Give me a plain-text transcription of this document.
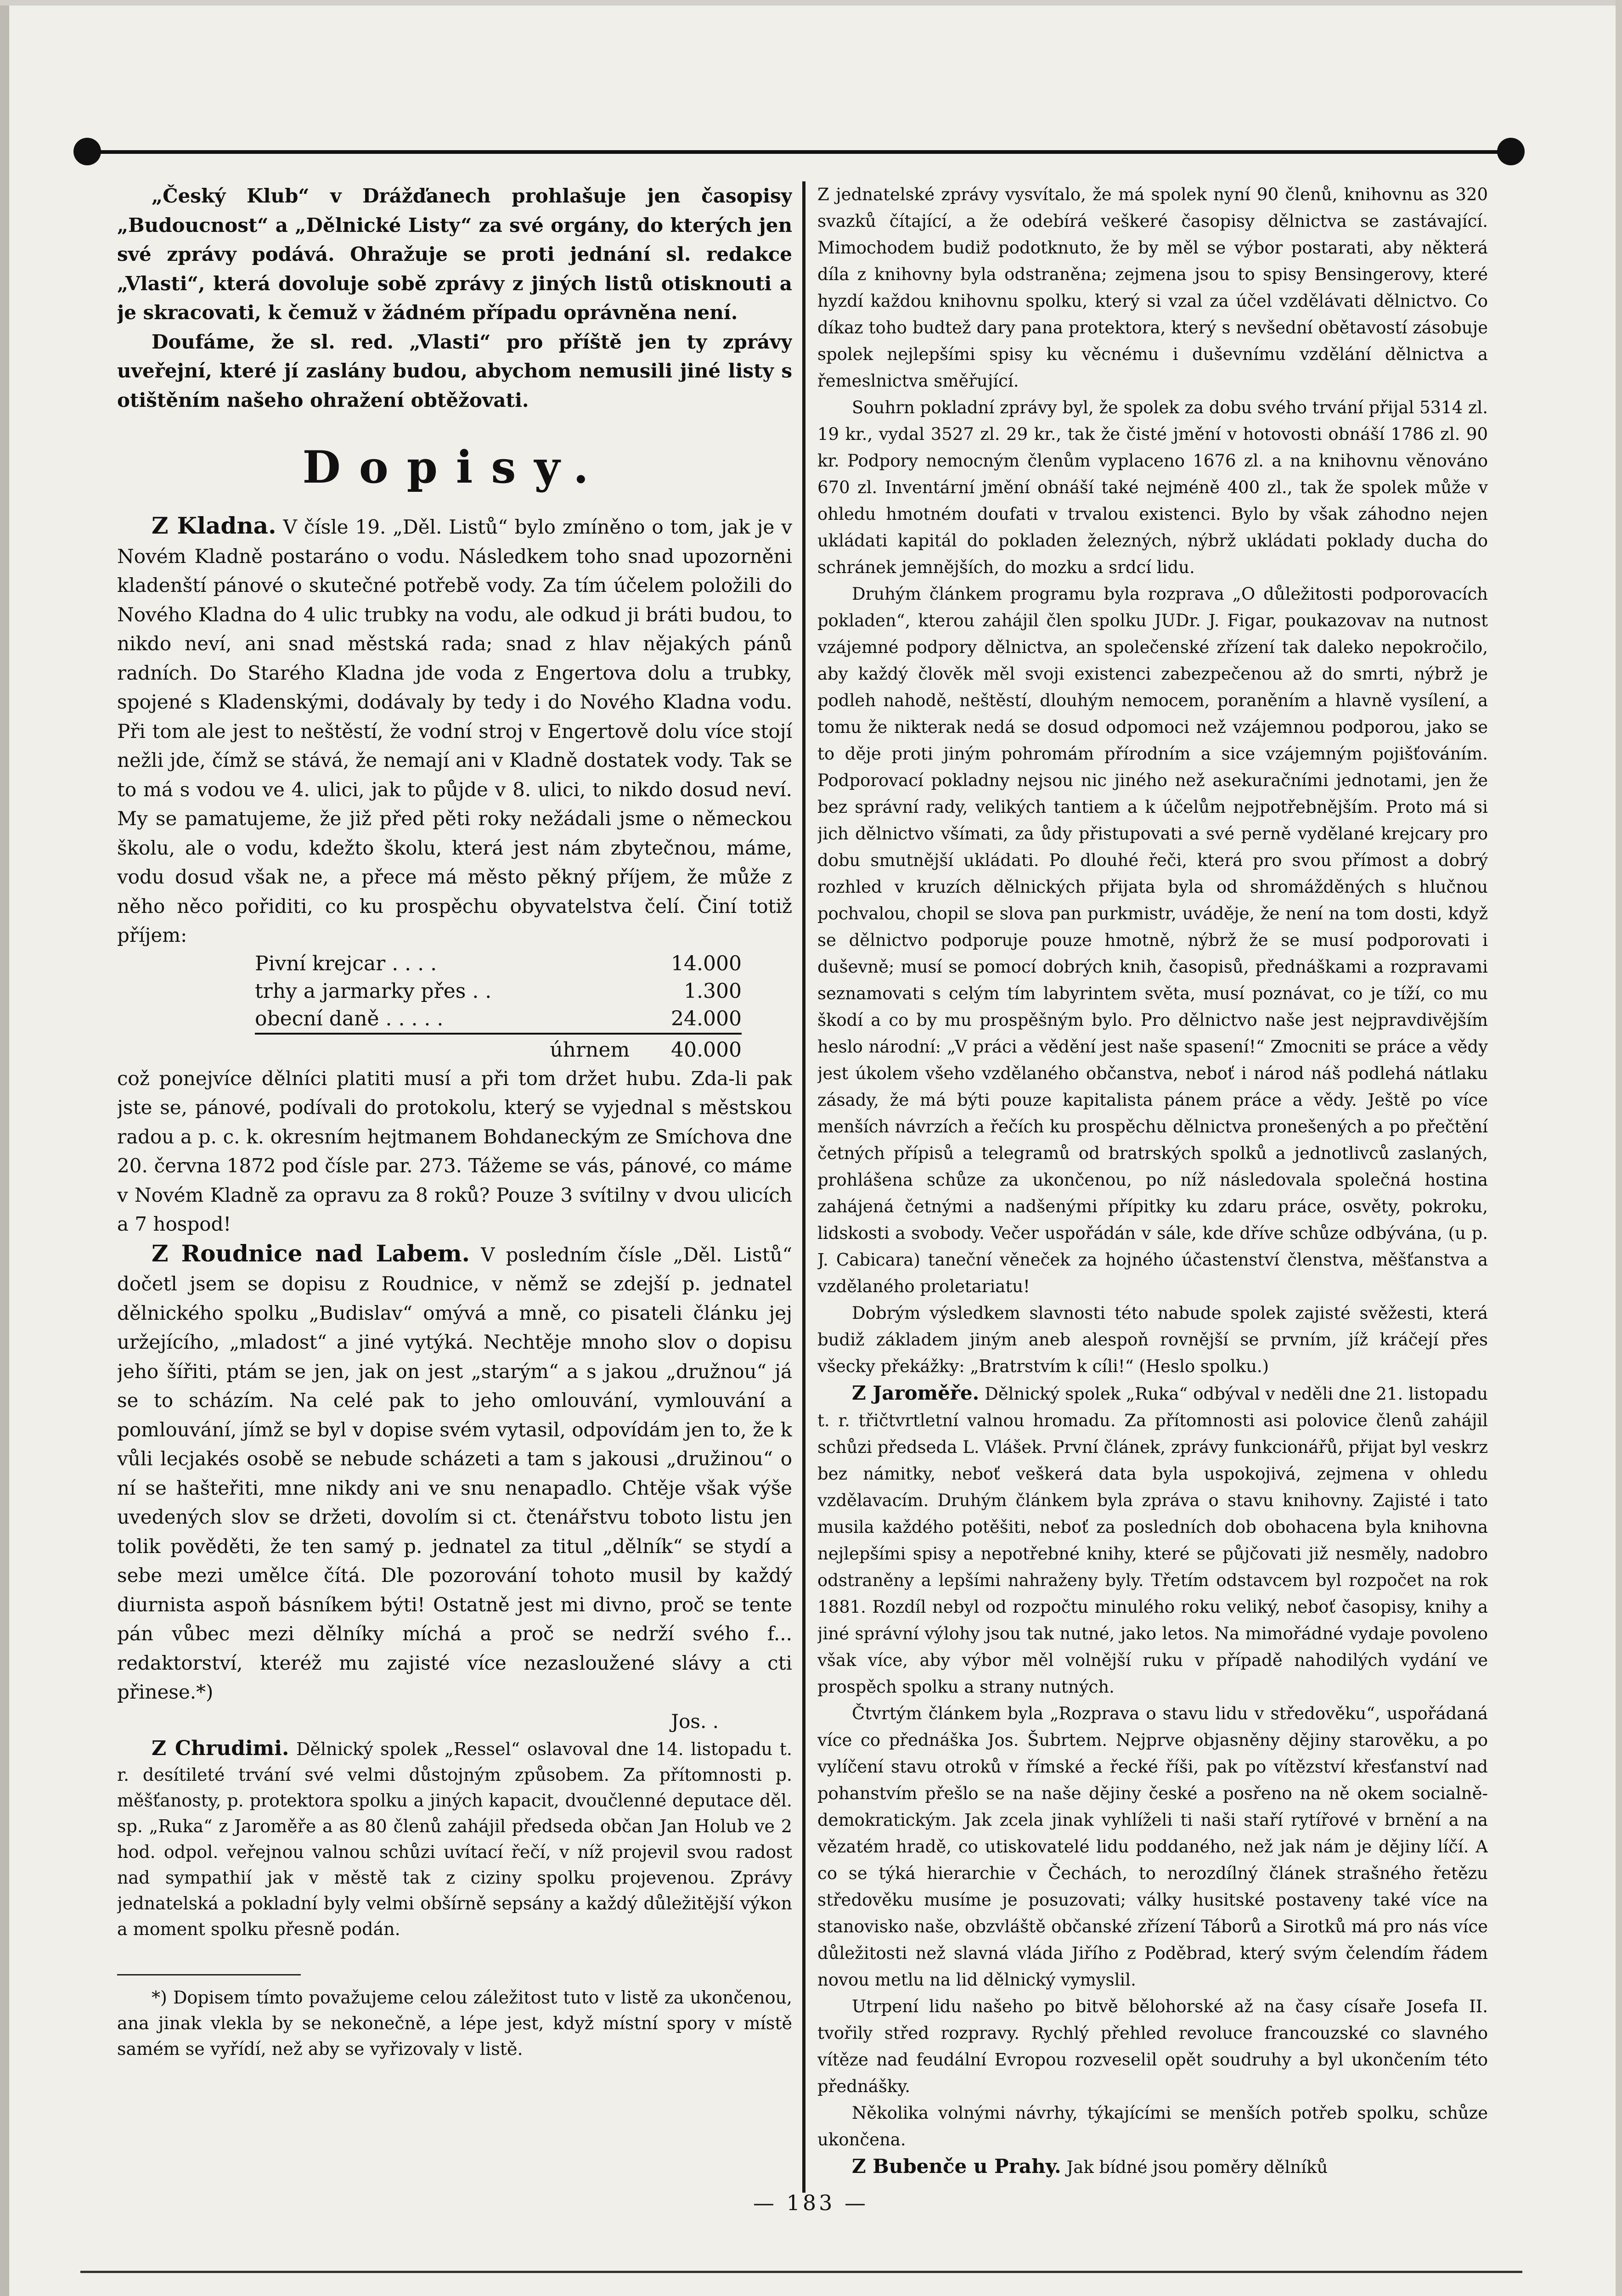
„Český Klub“ v Drážďanech prohlašuje jen časopisy „Budoucnost“ a „Dělnické Listy“ za své orgány, do kterých jen své zprávy podává. Ohražuje se proti jednání sl. redakce „Vlasti“, která dovoluje sobě zprávy z jiných listů otisknouti a je skracovati, k čemuž v žádném případu oprávněna není.

Doufáme, že sl. red. „Vlasti“ pro příště jen ty zprávy uveřejní, které jí zaslány budou, abychom nemusili jiné listy s otištěním našeho ohražení obtěžovati.

Dopisy.

Z Kladna. V čísle 19. „Děl. Listů“ bylo zmíněno o tom, jak je v Novém Kladně postaráno o vodu. Následkem toho snad upozorněni kladenští pánové o skutečné potřebě vody. Za tím účelem položili do Nového Kladna do 4 ulic trubky na vodu, ale odkud ji bráti budou, to nikdo neví, ani snad městská rada; snad z hlav nějakých pánů radních. Do Starého Kladna jde voda z Engertova dolu a trubky, spojené s Kladenskými, dodávaly by tedy i do Nového Kladna vodu. Při tom ale jest to neštěstí, že vodní stroj v Engertově dolu více stojí nežli jde, čímž se stává, že nemají ani v Kladně dostatek vody. Tak se to má s vodou ve 4. ulici, jak to půjde v 8. ulici, to nikdo dosud neví. My se pamatujeme, že již před pěti roky nežádali jsme o německou školu, ale o vodu, kdežto školu, která jest nám zbytečnou, máme, vodu dosud však ne, a přece má město pěkný příjem, že může z něho něco pořiditi, co ku prospěchu obyvatelstva čelí. Činí totiž příjem:

Pivní krejcar . . . .	14.000
trhy a jarmarky přes . .	1.300
obecní daně . . . . .	24.000
úhrnem	40.000

což ponejvíce dělníci platiti musí a při tom držet hubu. Zda-li pak jste se, pánové, podívali do protokolu, který se vyjednal s městskou radou a p. c. k. okresním hejtmanem Bohdaneckým ze Smíchova dne 20. června 1872 pod čísle par. 273. Tážeme se vás, pánové, co máme v Novém Kladně za opravu za 8 roků? Pouze 3 svítilny v dvou ulicích a 7 hospod!

Z Roudnice nad Labem. V posledním čísle „Děl. Listů“ dočetl jsem se dopisu z Roudnice, v němž se zdejší p. jednatel dělnického spolku „Budislav“ omývá a mně, co pisateli článku jej uržejícího, „mladost“ a jiné vytýká. Nechtěje mnoho slov o dopisu jeho šířiti, ptám se jen, jak on jest „starým“ a s jakou „družnou“ já se to scházím. Na celé pak to jeho omlouvání, vymlouvání a pomlouvání, jímž se byl v dopise svém vytasil, odpovídám jen to, že k vůli lecjakés osobě se nebude scházeti a tam s jakousi „družinou“ o ní se hašteřiti, mne nikdy ani ve snu nenapadlo. Chtěje však výše uvedených slov se držeti, dovolím si ct. čtenářstvu toboto listu jen tolik pověděti, že ten samý p. jednatel za titul „dělník“ se stydí a sebe mezi umělce čítá. Dle pozorování tohoto musil by každý diurnista aspoň básníkem býti! Ostatně jest mi divno, proč se tente pán vůbec mezi dělníky míchá a proč se nedrží svého f... redaktorství, kteréž mu zajisté více nezasloužené slávy a cti přinese.*)

Jos. .

Z Chrudimi. Dělnický spolek „Ressel“ oslavoval dne 14. listopadu t. r. desítileté trvání své velmi důstojným způsobem. Za přítomnosti p. měšťanosty, p. protektora spolku a jiných kapacit, dvoučlenné deputace děl. sp. „Ruka“ z Jaroměře a as 80 členů zahájil předseda občan Jan Holub ve 2 hod. odpol. veřejnou valnou schůzi uvítací řečí, v níž projevil svou radost nad sympathií jak v městě tak z ciziny spolku projevenou. Zprávy jednatelská a pokladní byly velmi obšírně sepsány a každý důležitější výkon a moment spolku přesně podán.

*) Dopisem tímto považujeme celou záležitost tuto v listě za ukončenou, ana jinak vlekla by se nekonečně, a lépe jest, když místní spory v místě samém se vyřídí, než aby se vyřizovaly v listě.

Z jednatelské zprávy vysvítalo, že má spolek nyní 90 členů, knihovnu as 320 svazků čítající, a že odebírá veškeré časopisy dělnictva se zastávající. Mimochodem budiž podotknuto, že by měl se výbor postarati, aby některá díla z knihovny byla odstraněna; zejmena jsou to spisy Bensingerovy, které hyzdí každou knihovnu spolku, který si vzal za účel vzdělávati dělnictvo. Co díkaz toho budtež dary pana protektora, který s nevšední obětavostí zásobuje spolek nejlepšími spisy ku věcnému i duševnímu vzdělání dělnictva a řemeslnictva směřující.

Souhrn pokladní zprávy byl, že spolek za dobu svého trvání přijal 5314 zl. 19 kr., vydal 3527 zl. 29 kr., tak že čisté jmění v hotovosti obnáší 1786 zl. 90 kr. Podpory nemocným členům vyplaceno 1676 zl. a na knihovnu věnováno 670 zl. Inventární jmění obnáší také nejméně 400 zl., tak že spolek může v ohledu hmotném doufati v trvalou existenci. Bylo by však záhodno nejen ukládati kapitál do pokladen železných, nýbrž ukládati poklady ducha do schránek jemnějších, do mozku a srdcí lidu.

Druhým článkem programu byla rozprava „O důležitosti podporovacích pokladen“, kterou zahájil člen spolku JUDr. J. Figar, poukazovav na nutnost vzájemné podpory dělnictva, an společenské zřízení tak daleko nepokročilo, aby každý člověk měl svoji existenci zabezpečenou až do smrti, nýbrž je podleh nahodě, neštěstí, dlouhým nemocem, poraněním a hlavně vysílení, a tomu že nikterak nedá se dosud odpomoci než vzájemnou podporou, jako se to děje proti jiným pohromám přírodním a sice vzájemným pojišťováním. Podporovací pokladny nejsou nic jiného než asekuračními jednotami, jen že bez správní rady, velikých tantiem a k účelům nejpotřebnějším. Proto má si jich dělnictvo všímati, za ůdy přistupovati a své perně vydělané krejcary pro dobu smutnější ukládati. Po dlouhé řeči, která pro svou přímost a dobrý rozhled v kruzích dělnických přijata byla od shromážděných s hlučnou pochvalou, chopil se slova pan purkmistr, uváděje, že není na tom dosti, když se dělnictvo podporuje pouze hmotně, nýbrž že se musí podporovati i duševně; musí se pomocí dobrých knih, časopisů, přednáškami a rozpravami seznamovati s celým tím labyrintem světa, musí poznávat, co je tíží, co mu škodí a co by mu prospěšným bylo. Pro dělnictvo naše jest nejpravdivějším heslo národní: „V práci a vědění jest naše spasení!“ Zmocniti se práce a vědy jest úkolem všeho vzdělaného občanstva, neboť i národ náš podlehá nátlaku zásady, že má býti pouze kapitalista pánem práce a vědy. Ještě po více menších návrzích a řečích ku prospěchu dělnictva pronešených a po přečtění četných přípisů a telegramů od bratrských spolků a jednotlivců zaslaných, prohlášena schůze za ukončenou, po níž následovala společná hostina zahájená četnými a nadšenými přípitky ku zdaru práce, osvěty, pokroku, lidskosti a svobody. Večer uspořádán v sále, kde dříve schůze odbývána, (u p. J. Cabicara) taneční věneček za hojného účastenství členstva, měšťanstva a vzdělaného proletariatu!

Dobrým výsledkem slavnosti této nabude spolek zajisté svěžesti, která budiž základem jiným aneb alespoň rovnější se prvním, jíž kráčejí přes všecky překážky: „Bratrstvím k cíli!“ (Heslo spolku.)

Z Jaroměře. Dělnický spolek „Ruka“ odbýval v neděli dne 21. listopadu t. r. třičtvrtletní valnou hromadu. Za přítomnosti asi polovice členů zahájil schůzi předseda L. Vlášek. První článek, zprávy funkcionářů, přijat byl veskrz bez námitky, neboť veškerá data byla uspokojivá, zejmena v ohledu vzdělavacím. Druhým článkem byla zpráva o stavu knihovny. Zajisté i tato musila každého potěšiti, neboť za posledních dob obohacena byla knihovna nejlepšími spisy a nepotřebné knihy, které se půjčovati již nesměly, nadobro odstraněny a lepšími nahraženy byly. Třetím odstavcem byl rozpočet na rok 1881. Rozdíl nebyl od rozpočtu minulého roku veliký, neboť časopisy, knihy a jiné správní výlohy jsou tak nutné, jako letos. Na mimořádné vydaje povoleno však více, aby výbor měl volnější ruku v případě nahodilých vydání ve prospěch spolku a strany nutných.

Čtvrtým článkem byla „Rozprava o stavu lidu v středověku“, uspořádaná více co přednáška Jos. Šubrtem. Nejprve objasněny dějiny starověku, a po vylíčení stavu otroků v římské a řecké říši, pak po vítězství křesťanství nad pohanstvím přešlo se na naše dějiny české a posřeno na ně okem socialně-demokratickým. Jak zcela jinak vyhlíželi ti naši staří rytířové v brnění a na vězatém hradě, co utiskovatelé lidu poddaného, než jak nám je dějiny líčí. A co se týká hierarchie v Čechách, to nerozdílný článek strašného řetězu středověku musíme je posuzovati; války husitské postaveny také více na stanovisko naše, obzvláště občanské zřízení Táborů a Sirotků má pro nás více důležitosti než slavná vláda Jiřího z Poděbrad, který svým čelendím řádem novou metlu na lid dělnický vymyslil.

Utrpení lidu našeho po bitvě bělohorské až na časy císaře Josefa II. tvořily střed rozpravy. Rychlý přehled revoluce francouzské co slavného vítěze nad feudální Evropou rozveselil opět soudruhy a byl ukončením této přednášky.

Několika volnými návrhy, týkajícími se menších potřeb spolku, schůze ukončena.

Z Bubenče u Prahy. Jak bídné jsou poměry dělníků

— 183 —
